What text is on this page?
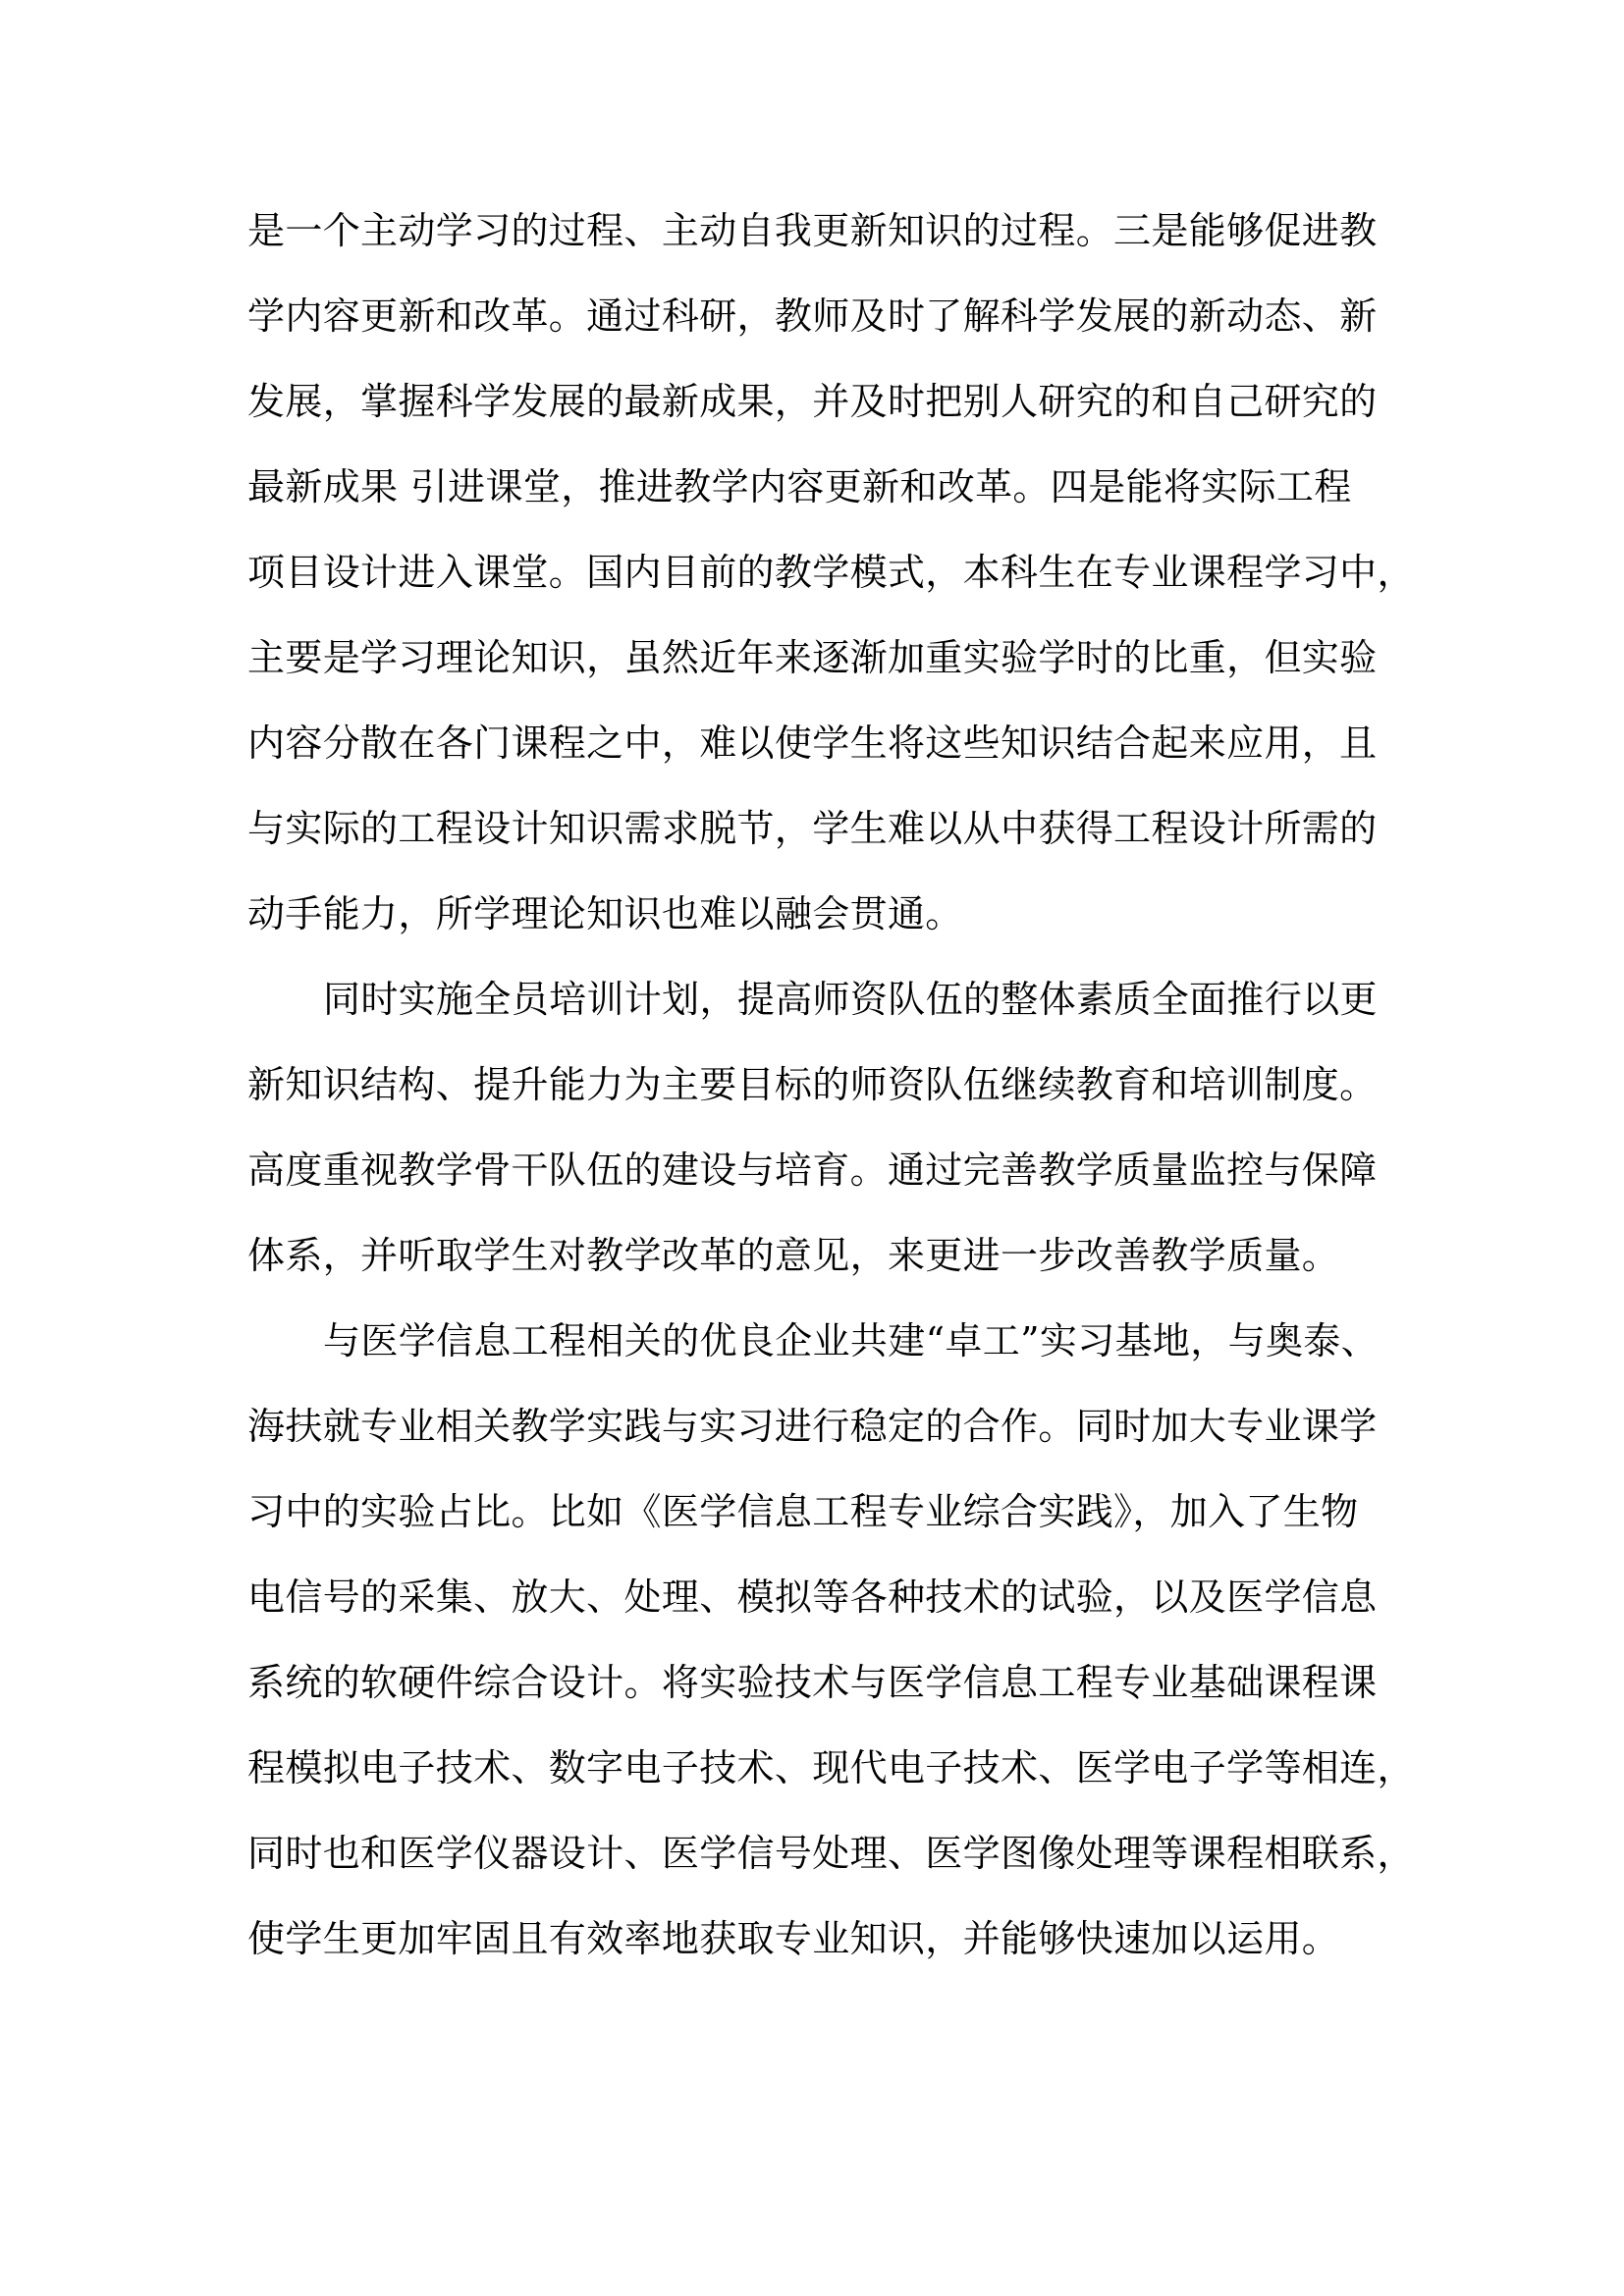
是一个主动学习的过程、主动自我更新知识的过程。三是能够促进教
学内容更新和改革。通过科研，教师及时了解科学发展的新动态、新
发展，掌握科学发展的最新成果，并及时把别人研究的和自己研究的
最新成果 引进课堂，推进教学内容更新和改革。四是能将实际工程
项目设计进入课堂。国内目前的教学模式，本科生在专业课程学习中，
主要是学习理论知识，虽然近年来逐渐加重实验学时的比重，但实验
内容分散在各门课程之中，难以使学生将这些知识结合起来应用，且
与实际的工程设计知识需求脱节，学生难以从中获得工程设计所需的
动手能力，所学理论知识也难以融会贯通。
同时实施全员培训计划，提高师资队伍的整体素质全面推行以更
新知识结构、提升能力为主要目标的师资队伍继续教育和培训制度。
高度重视教学骨干队伍的建设与培育。通过完善教学质量监控与保障
体系，并听取学生对教学改革的意见，来更进一步改善教学质量。
与医学信息工程相关的优良企业共建“卓工”实习基地，与奥泰、
海扶就专业相关教学实践与实习进行稳定的合作。同时加大专业课学
习中的实验占比。比如《医学信息工程专业综合实践》，加入了生物
电信号的采集、放大、处理、模拟等各种技术的试验，以及医学信息
系统的软硬件综合设计。将实验技术与医学信息工程专业基础课程课
程模拟电子技术、数字电子技术、现代电子技术、医学电子学等相连，
同时也和医学仪器设计、医学信号处理、医学图像处理等课程相联系，
使学生更加牢固且有效率地获取专业知识，并能够快速加以运用。
